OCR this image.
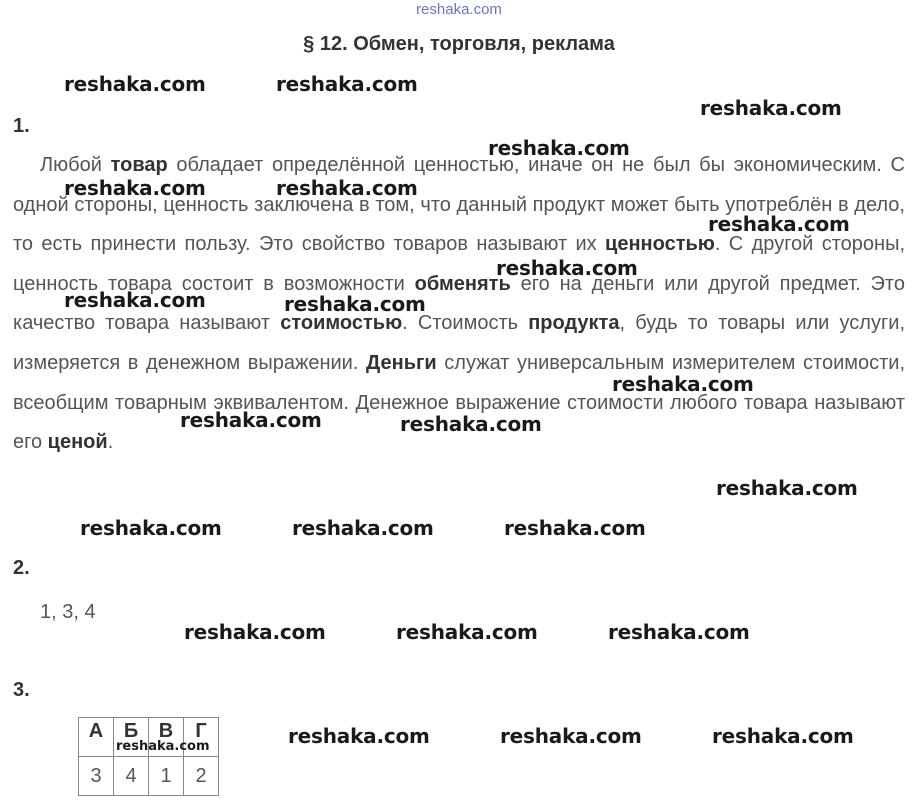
reshaka.com
§ 12. Обмен, торговля, реклама
1.

Любой товар обладает определённой ценностью, иначе он не был бы экономическим. С одной стороны, ценность заключена в том, что данный продукт может быть употреблён в дело, то есть принести пользу. Это свойство товаров называют их ценностью. С другой стороны, ценность товара состоит в возможности обменять его на деньги или другой предмет. Это качество товара называют стоимостью. Стоимость продукта, будь то товары или услуги, измеряется в денежном выражении. Деньги служат универсальным измерителем стоимости, всеобщим товарным эквивалентом. Денежное выражение стоимости любого товара называют его ценой.

2.
1, 3, 4
3.
А	Б	В	Г
3	4	1	2
reshaka.com	reshaka.com
reshaka.com
reshaka.com
reshaka.com	reshaka.com
reshaka.com
reshaka.com
reshaka.com	reshaka.com
reshaka.com
reshaka.com	reshaka.com
reshaka.com
reshaka.com	reshaka.com	reshaka.com
reshaka.com	reshaka.com	reshaka.com
reshaka.com	reshaka.com	reshaka.com
reshaka.com
